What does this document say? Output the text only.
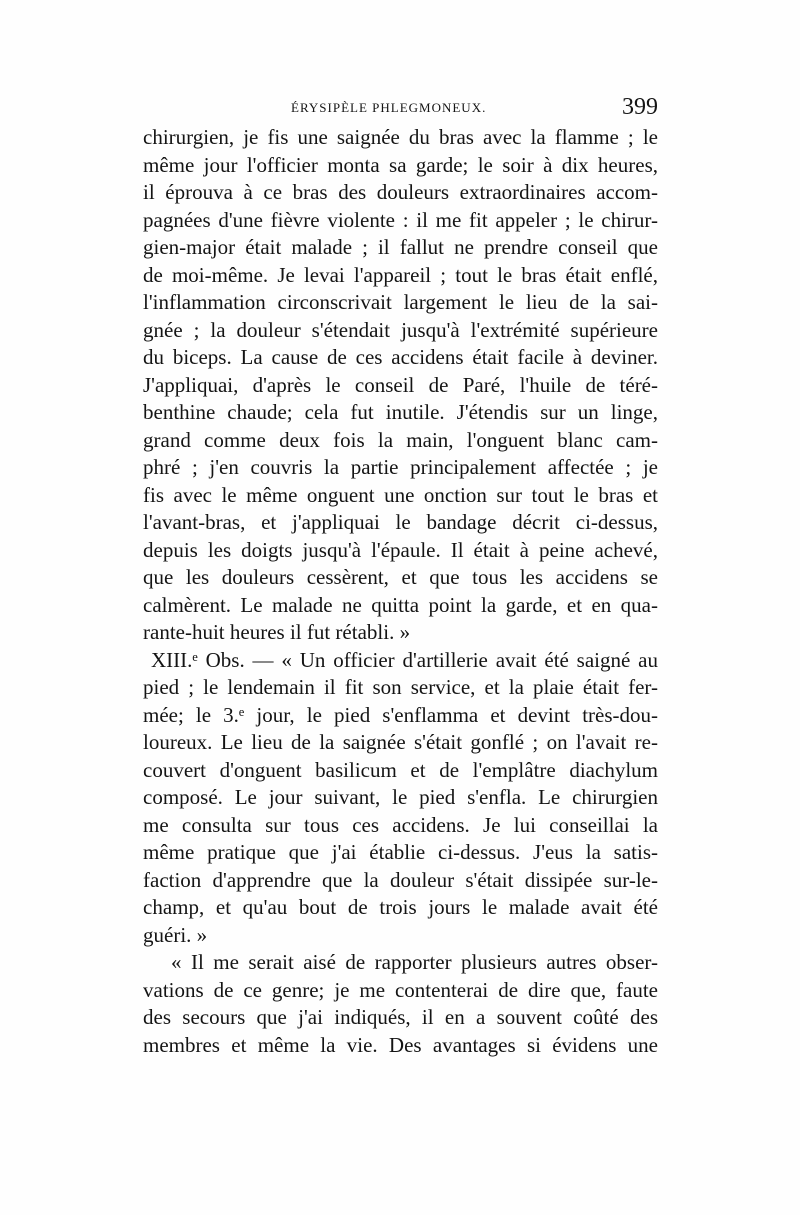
ÉRYSIPÈLE PHLEGMONEUX.	399
chirurgien, je fis une saignée du bras avec la flamme ; le
même jour l'officier monta sa garde; le soir à dix heures,
il éprouva à ce bras des douleurs extraordinaires accom-
pagnées d'une fièvre violente : il me fit appeler ; le chirur-
gien-major était malade ; il fallut ne prendre conseil que
de moi-même. Je levai l'appareil ; tout le bras était enflé,
l'inflammation circonscrivait largement le lieu de la sai-
gnée ; la douleur s'étendait jusqu'à l'extrémité supérieure
du biceps. La cause de ces accidens était facile à deviner.
J'appliquai, d'après le conseil de Paré, l'huile de téré-
benthine chaude; cela fut inutile. J'étendis sur un linge,
grand comme deux fois la main, l'onguent blanc cam-
phré ; j'en couvris la partie principalement affectée ; je
fis avec le même onguent une onction sur tout le bras et
l'avant-bras, et j'appliquai le bandage décrit ci-dessus,
depuis les doigts jusqu'à l'épaule. Il était à peine achevé,
que les douleurs cessèrent, et que tous les accidens se
calmèrent. Le malade ne quitta point la garde, et en qua-
rante-huit heures il fut rétabli. »
XIII.ᵉ Obs. — « Un officier d'artillerie avait été saigné au
pied ; le lendemain il fit son service, et la plaie était fer-
mée; le 3.ᵉ jour, le pied s'enflamma et devint très-dou-
loureux. Le lieu de la saignée s'était gonflé ; on l'avait re-
couvert d'onguent basilicum et de l'emplâtre diachylum
composé. Le jour suivant, le pied s'enfla. Le chirurgien
me consulta sur tous ces accidens. Je lui conseillai la
même pratique que j'ai établie ci-dessus. J'eus la satis-
faction d'apprendre que la douleur s'était dissipée sur-le-
champ, et qu'au bout de trois jours le malade avait été
guéri. »
« Il me serait aisé de rapporter plusieurs autres obser-
vations de ce genre; je me contenterai de dire que, faute
des secours que j'ai indiqués, il en a souvent coûté des
membres et même la vie. Des avantages si évidens une
